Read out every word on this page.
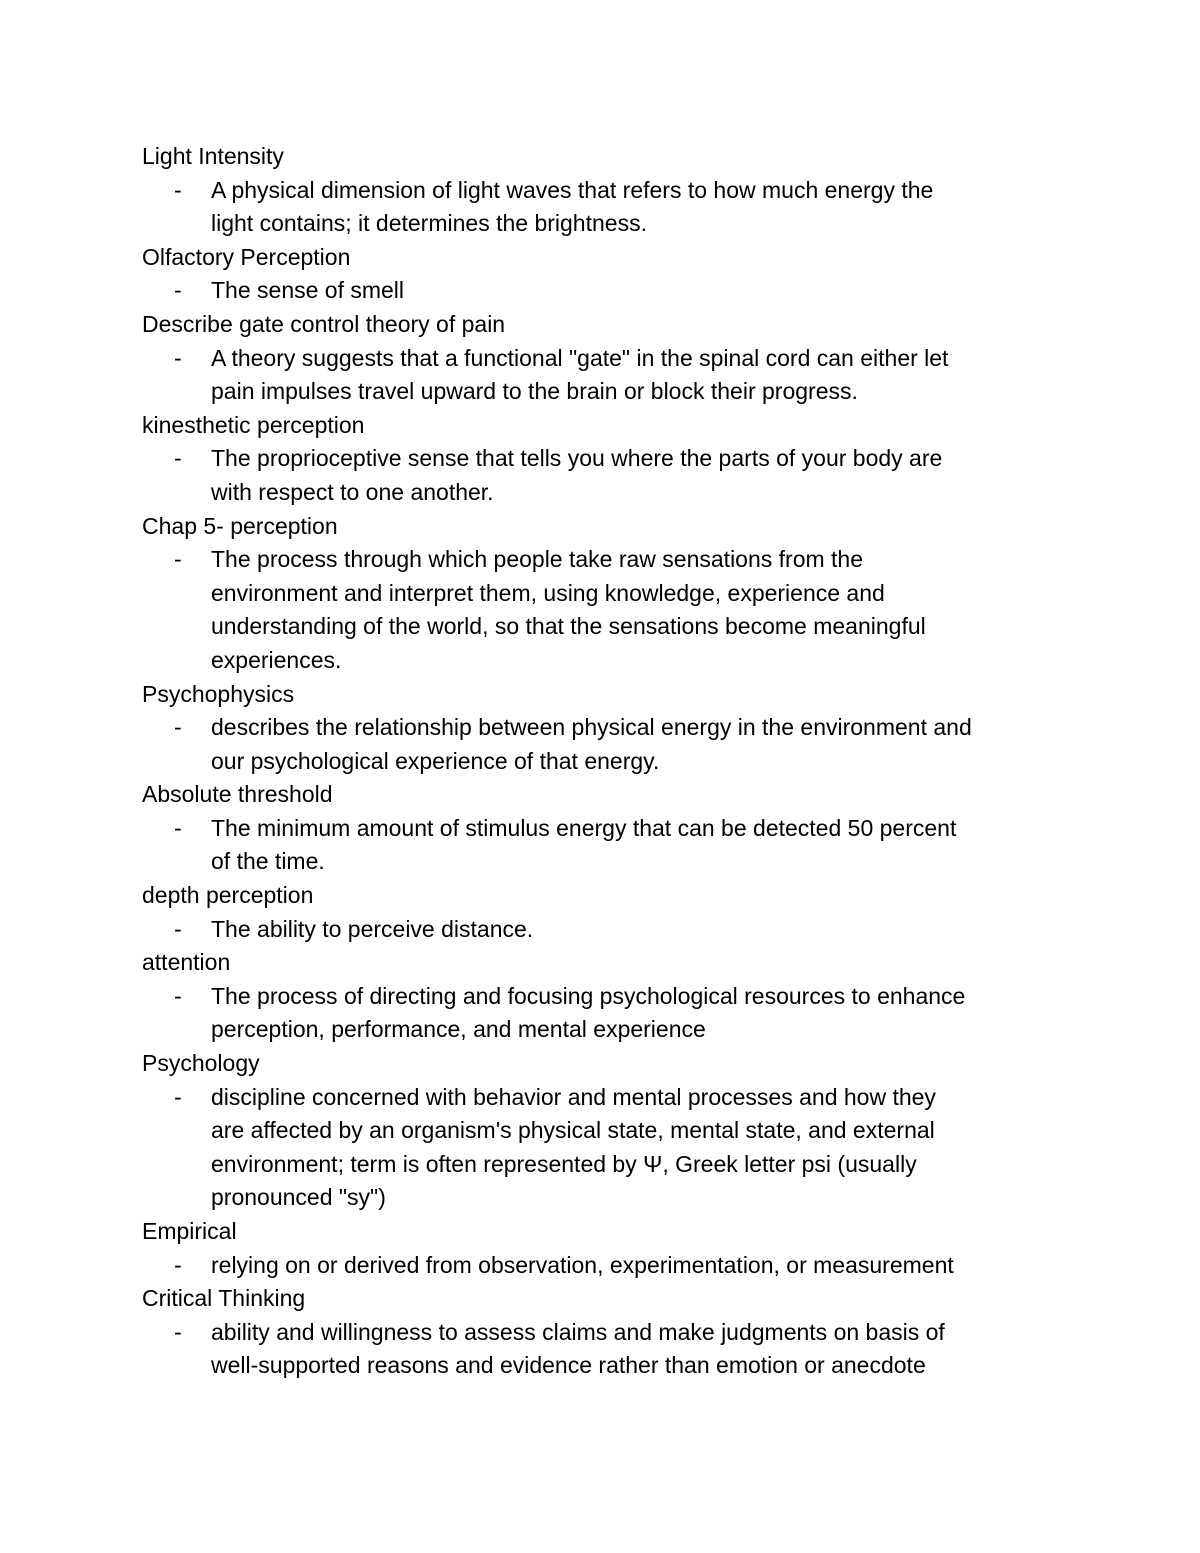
Light Intensity
- A physical dimension of light waves that refers to how much energy the
light contains; it determines the brightness.
Olfactory Perception
- The sense of smell
Describe gate control theory of pain
- A theory suggests that a functional "gate" in the spinal cord can either let
pain impulses travel upward to the brain or block their progress.
kinesthetic perception
- The proprioceptive sense that tells you where the parts of your body are
with respect to one another.
Chap 5- perception
- The process through which people take raw sensations from the
environment and interpret them, using knowledge, experience and
understanding of the world, so that the sensations become meaningful
experiences.
Psychophysics
- describes the relationship between physical energy in the environment and
our psychological experience of that energy.
Absolute threshold
- The minimum amount of stimulus energy that can be detected 50 percent
of the time.
depth perception
- The ability to perceive distance.
attention
- The process of directing and focusing psychological resources to enhance
perception, performance, and mental experience
Psychology
- discipline concerned with behavior and mental processes and how they
are affected by an organism's physical state, mental state, and external
environment; term is often represented by Ψ, Greek letter psi (usually
pronounced "sy")
Empirical
- relying on or derived from observation, experimentation, or measurement
Critical Thinking
- ability and willingness to assess claims and make judgments on basis of
well-supported reasons and evidence rather than emotion or anecdote
